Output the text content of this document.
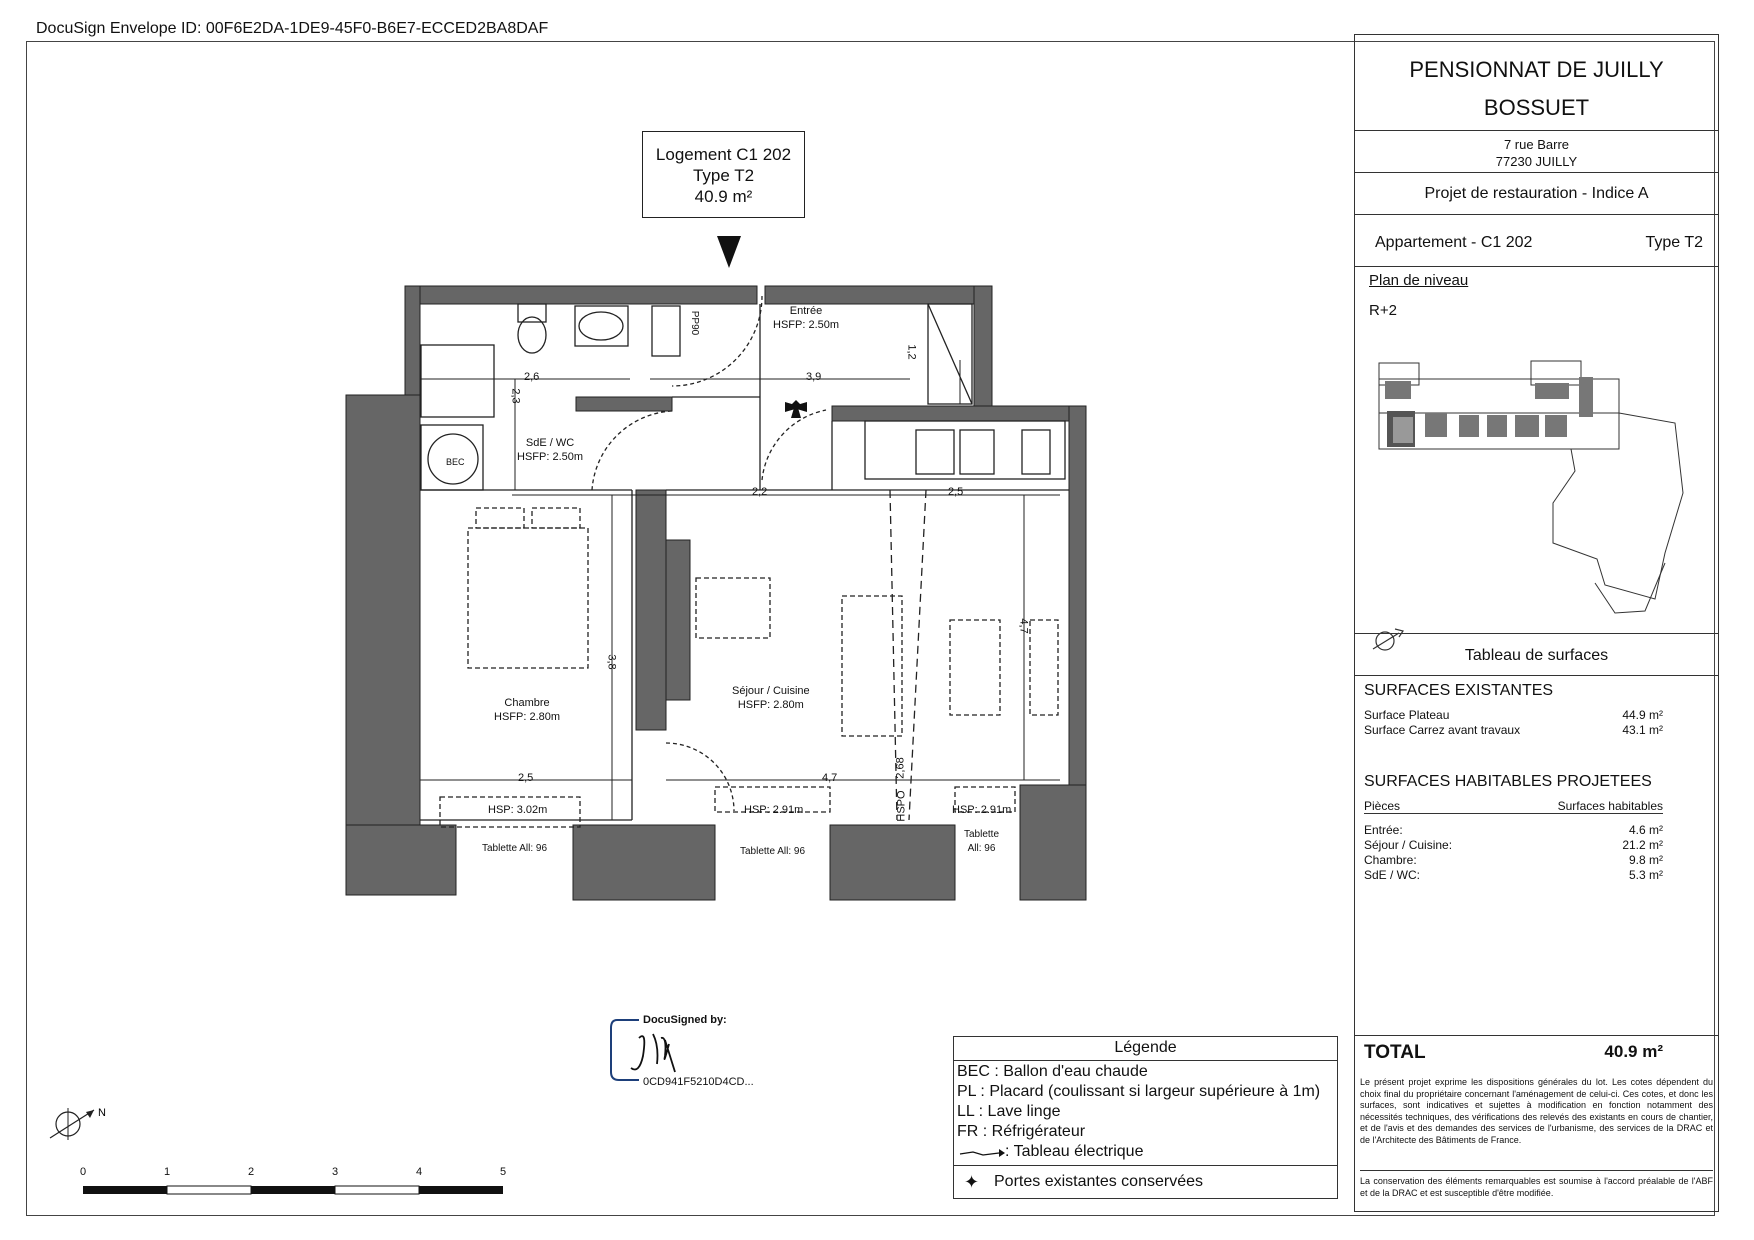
DocuSign Envelope ID: 00F6E2DA-1DE9-45F0-B6E7-ECCED2BA8DAF
Logement C1 202
Type T2
40.9 m²
Entrée
HSFP: 2.50m
SdE / WC
HSFP: 2.50m
Chambre
HSFP: 2.80m
Séjour / Cuisine
HSFP: 2.80m
BEC
PP90
HSP: 3.02m	HSP: 2.91m	HSP: 2.91m
Tablette All: 96	Tablette All: 96
Tablette
All: 96
2,6	3,9
2,3
1,2
2,2	2,5
3,8
4,7
2,5	4,7	2,68
HSPO
PENSIONNAT DE JUILLY
BOSSUET
7 rue Barre
77230 JUILLY
Projet de restauration - Indice A
Appartement - C1 202	Type T2
Plan de niveau
R+2
Tableau de surfaces
SURFACES EXISTANTES
Surface Plateau	44.9 m²
Surface Carrez avant travaux	43.1 m²
SURFACES HABITABLES PROJETEES
Pièces	Surfaces habitables
Entrée:	4.6 m²
Séjour / Cuisine:	21.2 m²
Chambre:	9.8 m²
SdE / WC:	5.3 m²
TOTAL	40.9 m²
Le présent projet exprime les dispositions générales du lot. Les cotes dépendent du choix final du propriétaire concernant l'aménagement de celui-ci. Ces cotes, et donc les surfaces, sont indicatives et sujettes à modification en fonction notamment des nécessités techniques, des vérifications des relevés des existants en cours de chantier, et de l'avis et des demandes des services de l'urbanisme, des services de la DRAC et de l'Architecte des Bâtiments de France.
La conservation des éléments remarquables est soumise à l'accord préalable de l'ABF et de la DRAC et est susceptible d'être modifiée.
DocuSigned by:
0CD941F5210D4CD...
Légende
BEC : Ballon d'eau chaude
PL : Placard (coulissant si largeur supérieure à 1m)
LL : Lave linge
FR : Réfrigérateur
: Tableau électrique
✦ Portes existantes conservées
N
0	1	2	3	4	5
